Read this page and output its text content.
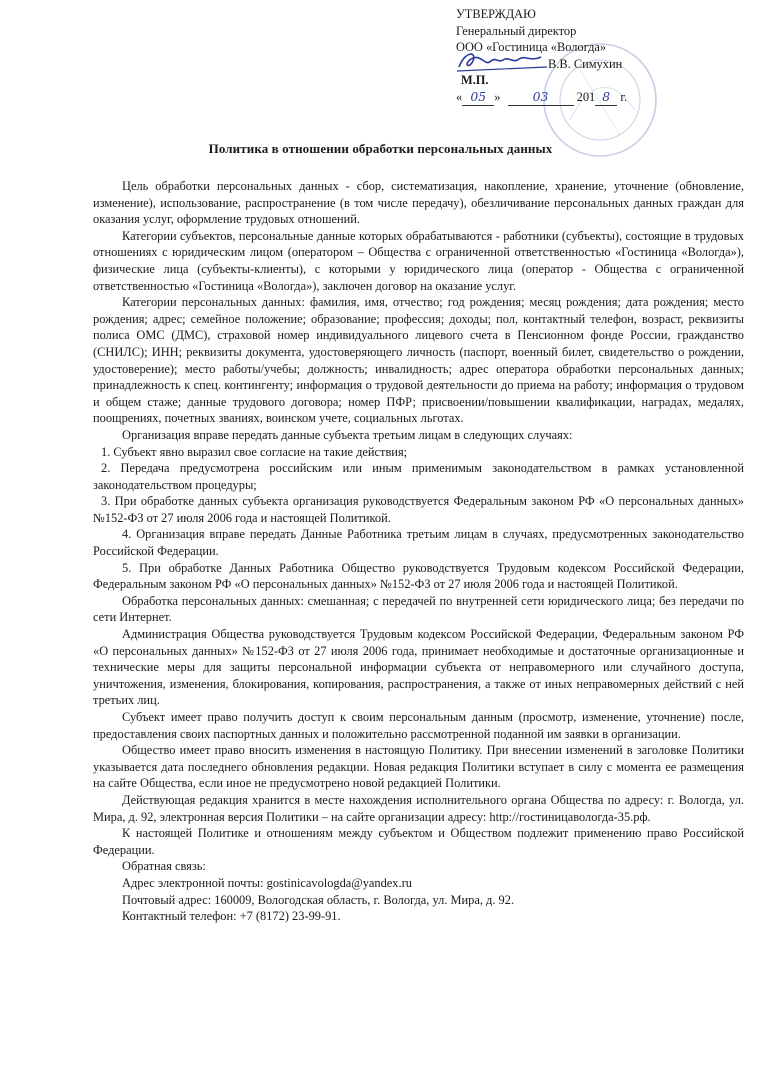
УТВЕРЖДАЮ
Генеральный директор
ООО «Гостиница «Вологда»
В.В. Симухин
М.П.
« 05 »	03 201 8 г.
Политика в отношении обработки персональных данных

Цель обработки персональных данных - сбор, систематизация, накопление, хранение, уточнение (обновление, изменение), использование, распространение (в том числе передачу), обезличивание персональных данных граждан для оказания услуг, оформление трудовых отношений.

Категории субъектов, персональные данные которых обрабатываются - работники (субъекты), состоящие в трудовых отношениях с юридическим лицом (оператором – Общества с ограниченной ответственностью «Гостиница «Вологда»), физические лица (субъекты-клиенты), с которыми у юридического лица (оператор - Общества с ограниченной ответственностью «Гостиница «Вологда»), заключен договор на оказание услуг.

Категории персональных данных: фамилия, имя, отчество; год рождения; месяц рождения; дата рождения; место рождения; адрес; семейное положение; образование; профессия; доходы; пол, контактный телефон, возраст, реквизиты полиса ОМС (ДМС), страховой номер индивидуального лицевого счета в Пенсионном фонде России, гражданство (СНИЛС); ИНН; реквизиты документа, удостоверяющего личность (паспорт, военный билет, свидетельство о рождении, удостоверение); место работы/учебы; должность; инвалидность; адрес оператора обработки персональных данных; принадлежность к спец. контингенту; информация о трудовой деятельности до приема на работу; информация о трудовом и общем стаже; данные трудового договора; номер ПФР; присвоении/повышении квалификации, наградах, медалях, поощрениях, почетных званиях, воинском учете, социальных льготах.

Организация вправе передать данные субъекта третьим лицам в следующих случаях:

1. Субъект явно выразил свое согласие на такие действия;

2. Передача предусмотрена российским или иным применимым законодательством в рамках установленной законодательством процедуры;

3. При обработке данных субъекта организация руководствуется Федеральным законом РФ «О персональных данных» №152-ФЗ от 27 июля 2006 года и настоящей Политикой.

4. Организация вправе передать Данные Работника третьим лицам в случаях, предусмотренных законодательство Российской Федерации.

5. При обработке Данных Работника Общество руководствуется Трудовым кодексом Российской Федерации, Федеральным законом РФ «О персональных данных» №152-ФЗ от 27 июля 2006 года и настоящей Политикой.

Обработка персональных данных: смешанная; с передачей по внутренней сети юридического лица; без передачи по сети Интернет.

Администрация Общества руководствуется Трудовым кодексом Российской Федерации, Федеральным законом РФ «О персональных данных» №152-ФЗ от 27 июля 2006 года, принимает необходимые и достаточные организационные и технические меры для защиты персональной информации субъекта от неправомерного или случайного доступа, уничтожения, изменения, блокирования, копирования, распространения, а также от иных неправомерных действий с ней третьих лиц.

Субъект имеет право получить доступ к своим персональным данным (просмотр, изменение, уточнение) после, предоставления своих паспортных данных и положительно рассмотренной поданной им заявки в организации.

Общество имеет право вносить изменения в настоящую Политику. При внесении изменений в заголовке Политики указывается дата последнего обновления редакции. Новая редакция Политики вступает в силу с момента ее размещения на сайте Общества, если иное не предусмотрено новой редакцией Политики.

Действующая редакция хранится в месте нахождения исполнительного органа Общества по адресу: г. Вологда, ул. Мира, д. 92, электронная версия Политики – на сайте организации адресу: http://гостиницавологда-35.рф.

К настоящей Политике и отношениям между субъектом и Обществом подлежит применению право Российской Федерации.

Обратная связь:

Адрес электронной почты: gostinicavologda@yandex.ru

Почтовый адрес: 160009, Вологодская область, г. Вологда, ул. Мира, д. 92.

Контактный телефон: +7 (8172) 23-99-91.
